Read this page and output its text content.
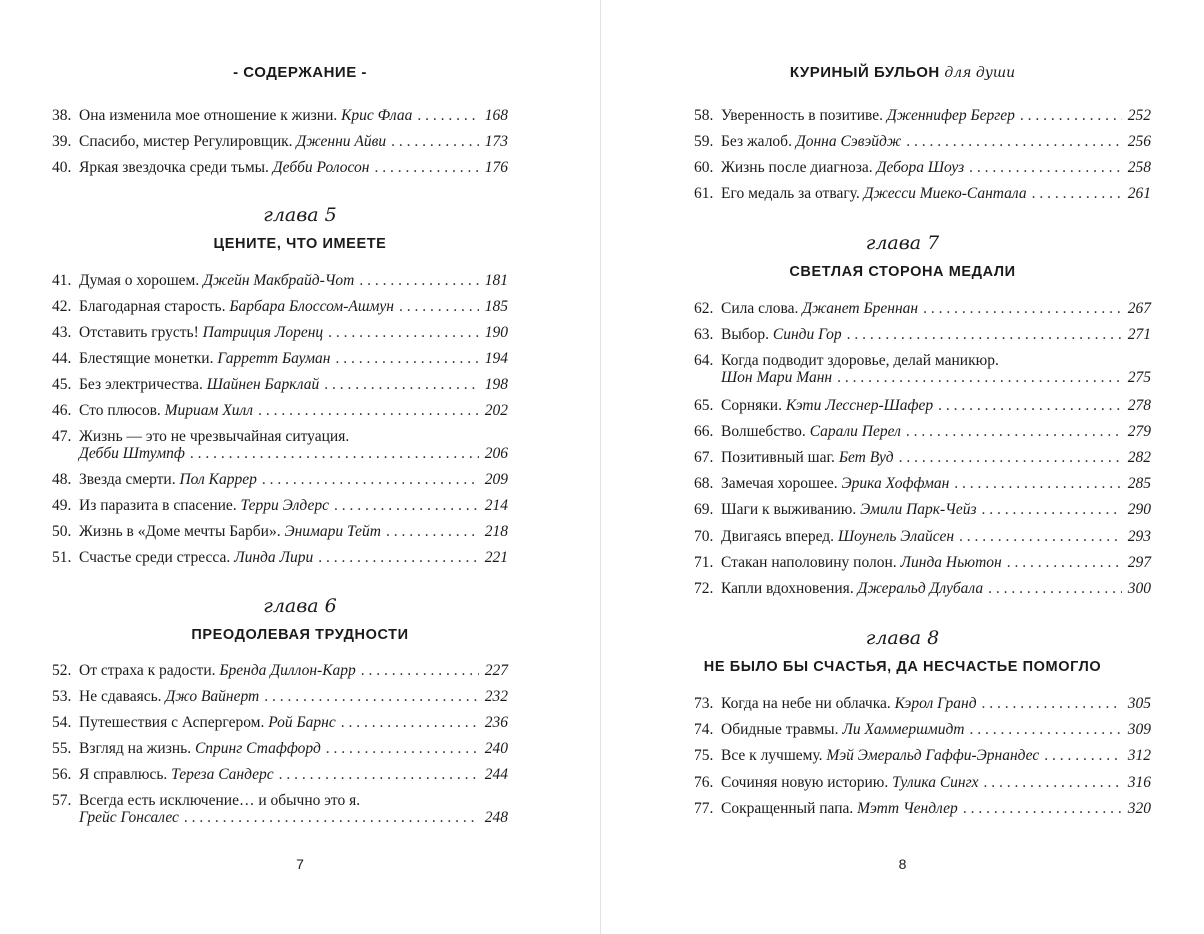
- СОДЕРЖАНИЕ -
38. Она изменила мое отношение к жизни.
Крис Флаа . . .	168
39. Спасибо, мистер Регулировщик.
Дженни Айви . . .	173
40. Яркая звездочка среди тьмы.
Дебби Ролосон . . .	176
глава 5
ЦЕНИТЕ, ЧТО ИМЕЕТЕ
41. Думая о хорошем.
Джейн Макбрайд-Чот . . .	181
42. Благодарная старость.
Барбара Блоссом-Ашмун . . .	185
43. Отставить грусть!
Патриция Лоренц . . .	190
44. Блестящие монетки.
Гарретт Бауман . . .	194
45. Без электричества.
Шайнен Барклай . . .	198
46. Сто плюсов.
Мириам Хилл . . .	202
47. Жизнь — это не чрезвычайная ситуация.
Дебби Штумпф . . .	206
48. Звезда смерти.
Пол Каррер . . .	209
49. Из паразита в спасение.
Терри Элдерс . . .	214
50. Жизнь в «Доме мечты Барби».
Энимари Тейт . . .	218
51. Счастье среди стресса.
Линда Лири . . .	221
глава 6
ПРЕОДОЛЕВАЯ ТРУДНОСТИ
52. От страха к радости.
Бренда Диллон-Карр . . .	227
53. Не сдаваясь.
Джо Вайнерт . . .	232
54. Путешествия с Аспергером.
Рой Барнс . . .	236
55. Взгляд на жизнь.
Спринг Стаффорд . . .	240
56. Я справлюсь.
Тереза Сандерс . . .	244
57. Всегда есть исключение… и обычно это я.
Грейс Гонсалес . . .	248
7
КУРИНЫЙ БУЛЬОН для души
58. Уверенность в позитиве.
Дженнифер Бергер . . .	252
59. Без жалоб.
Донна Сэвэйдж . . .	256
60. Жизнь после диагноза.
Дебора Шоуз . . .	258
61. Его медаль за отвагу.
Джесси Миеко-Сантала . . .	261
глава 7
СВЕТЛАЯ СТОРОНА МЕДАЛИ
62. Сила слова.
Джанет Бреннан . . .	267
63. Выбор.
Синди Гор . . .	271
64. Когда подводит здоровье, делай маникюр.
Шон Мари Манн . . .	275
65. Сорняки.
Кэти Лесснер-Шафер . . .	278
66. Волшебство.
Сарали Перел . . .	279
67. Позитивный шаг.
Бет Вуд . . .	282
68. Замечая хорошее.
Эрика Хоффман . . .	285
69. Шаги к выживанию.
Эмили Парк-Чейз . . .	290
70. Двигаясь вперед.
Шоунель Элайсен . . .	293
71. Стакан наполовину полон.
Линда Ньютон . . .	297
72. Капли вдохновения.
Джеральд Длубала . . .	300
глава 8
НЕ БЫЛО БЫ СЧАСТЬЯ, ДА НЕСЧАСТЬЕ ПОМОГЛО
73. Когда на небе ни облачка.
Кэрол Гранд . . .	305
74. Обидные травмы.
Ли Хаммершмидт . . .	309
75. Все к лучшему.
Мэй Эмеральд Гаффи-Эрнандес . . .	312
76. Сочиняя новую историю.
Тулика Сингх . . .	316
77. Сокращенный папа.
Мэтт Чендлер . . .	320
8
